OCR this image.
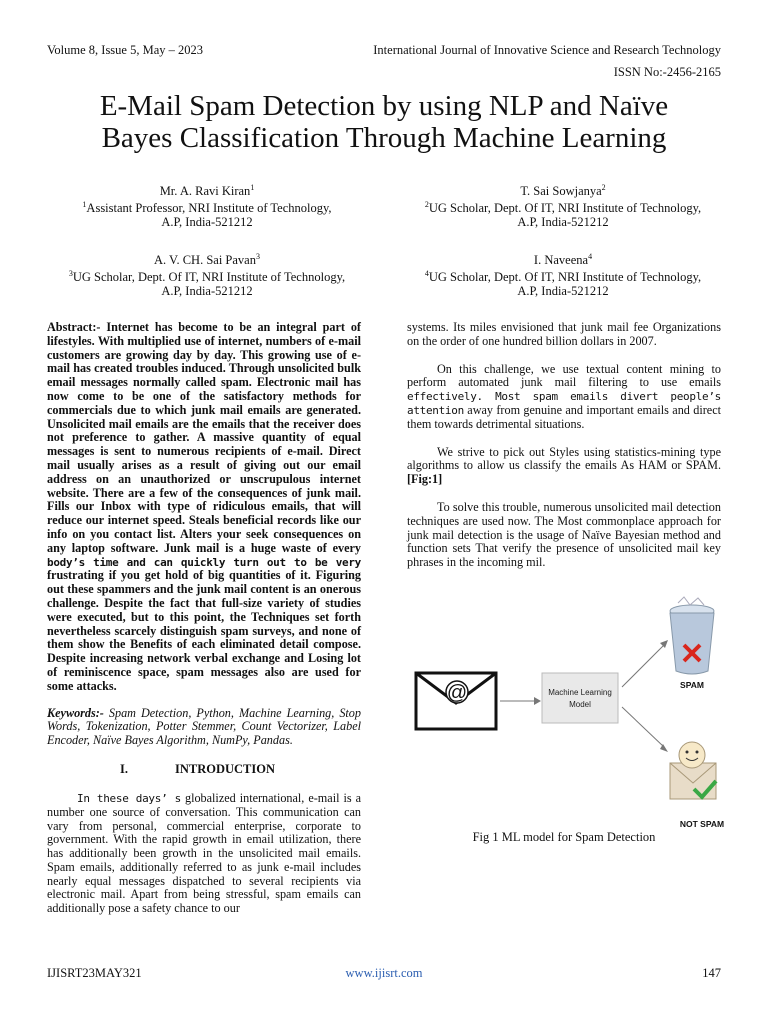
Volume 8, Issue 5, May – 2023	International Journal of Innovative Science and Research Technology
ISSN No:-2456-2165
E-Mail Spam Detection by using NLP and Naïve
Bayes Classification Through Machine Learning
Mr. A. Ravi Kiran$^1$
$^1$Assistant Professor, NRI Institute of Technology,
A.P, India-521212
T. Sai Sowjanya$^2$
$^2$UG Scholar, Dept. Of IT, NRI Institute of Technology,
A.P, India-521212
A. V. CH. Sai Pavan$^3$
$^3$UG Scholar, Dept. Of IT, NRI Institute of Technology,
A.P, India-521212
I. Naveena$^4$
$^4$UG Scholar, Dept. Of IT, NRI Institute of Technology,
A.P, India-521212

Abstract:- Internet has become to be an integral part of lifestyles. With multiplied use of internet, numbers of e-mail customers are growing day by day. This growing use of e-mail has created troubles induced. Through unsolicited bulk email messages normally called spam. Electronic mail has now come to be one of the satisfactory methods for commercials due to which junk mail emails are generated. Unsolicited mail emails are the emails that the receiver does not preference to gather. A massive quantity of equal messages is sent to numerous recipients of e-mail. Direct mail usually arises as a result of giving out our email address on an unauthorized or unscrupulous internet website. There are a few of the consequences of junk mail. Fills our Inbox with type of ridiculous emails, that will reduce our internet speed. Steals beneficial records like our info on you contact list. Alters your seek consequences on any laptop software. Junk mail is a huge waste of every body’s time and can quickly turn out to be very frustrating if you get hold of big quantities of it. Figuring out these spammers and the junk mail content is an onerous challenge. Despite the fact that full-size variety of studies were executed, but to this point, the Techniques set forth nevertheless scarcely distinguish spam surveys, and none of them show the Benefits of each eliminated detail compose. Despite increasing network verbal exchange and Losing lot of reminiscence space, spam messages also are used for some attacks.

Keywords:- Spam Detection, Python, Machine Learning, Stop Words, Tokenization, Potter Stemmer, Count Vectorizer, Label Encoder, Naïve Bayes Algorithm, NumPy, Pandas.

I.	INTRODUCTION

In these days’ s globalized international, e-mail is a number one source of conversation. This communication can vary from personal, commercial enterprise, corporate to government. With the rapid growth in email utilization, there has additionally been growth in the unsolicited mail emails. Spam emails, additionally referred to as junk e-mail includes nearly equal messages dispatched to several recipients via electronic mail. Apart from being stressful, spam emails can additionally pose a safety chance to our

systems. Its miles envisioned that junk mail fee Organizations on the order of one hundred billion dollars in 2007.

On this challenge, we use textual content mining to perform automated junk mail filtering to use emails effectively. Most spam emails divert people’s attention away from genuine and important emails and direct them towards detrimental situations.

We strive to pick out Styles using statistics-mining type algorithms to allow us classify the emails As HAM or SPAM. [Fig:1]

To solve this trouble, numerous unsolicited mail detection techniques are used now. The Most commonplace approach for junk mail detection is the usage of Naïve Bayesian method and function sets That verify the presence of unsolicited mail key phrases in the incoming mil.

@	Machine Learning
Model
SPAM
NOT SPAM
Fig 1 ML model for Spam Detection
IJISRT23MAY321	www.ijisrt.com	147
